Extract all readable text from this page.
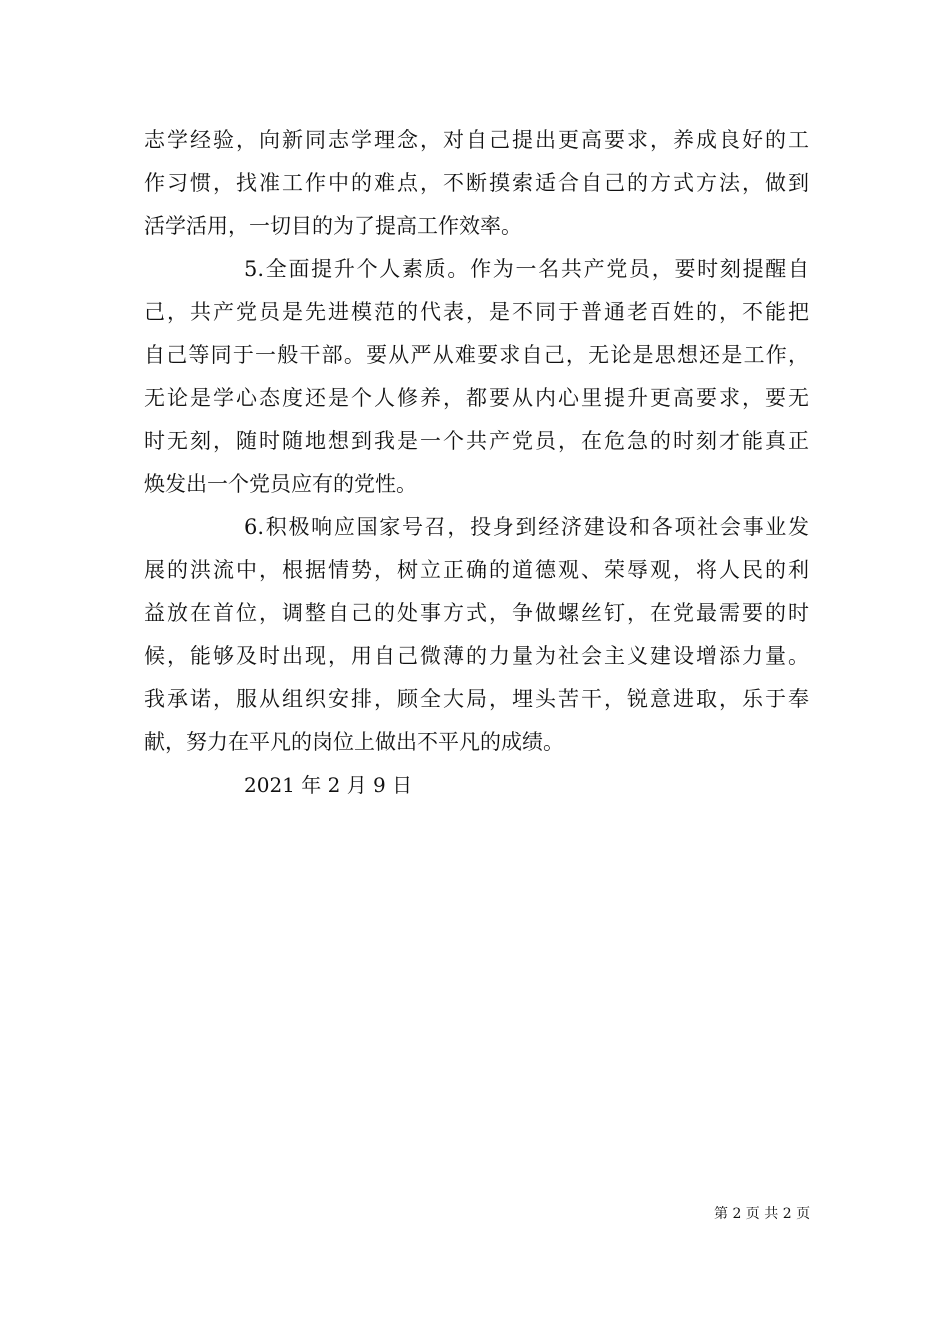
志学经验，向新同志学理念，对自己提出更高要求，养成良好的工
作习惯，找准工作中的难点，不断摸索适合自己的方式方法，做到
活学活用，一切目的为了提高工作效率。
5.全面提升个人素质。作为一名共产党员，要时刻提醒自
己，共产党员是先进模范的代表，是不同于普通老百姓的，不能把
自己等同于一般干部。要从严从难要求自己，无论是思想还是工作，
无论是学心态度还是个人修养，都要从内心里提升更高要求，要无
时无刻，随时随地想到我是一个共产党员，在危急的时刻才能真正
焕发出一个党员应有的党性。
6.积极响应国家号召，投身到经济建设和各项社会事业发
展的洪流中，根据情势，树立正确的道德观、荣辱观，将人民的利
益放在首位，调整自己的处事方式，争做螺丝钉，在党最需要的时
候，能够及时出现，用自己微薄的力量为社会主义建设增添力量。
我承诺，服从组织安排，顾全大局，埋头苦干，锐意进取，乐于奉
献，努力在平凡的岗位上做出不平凡的成绩。
2021 年 2 月 9 日
第 2 页 共 2 页
